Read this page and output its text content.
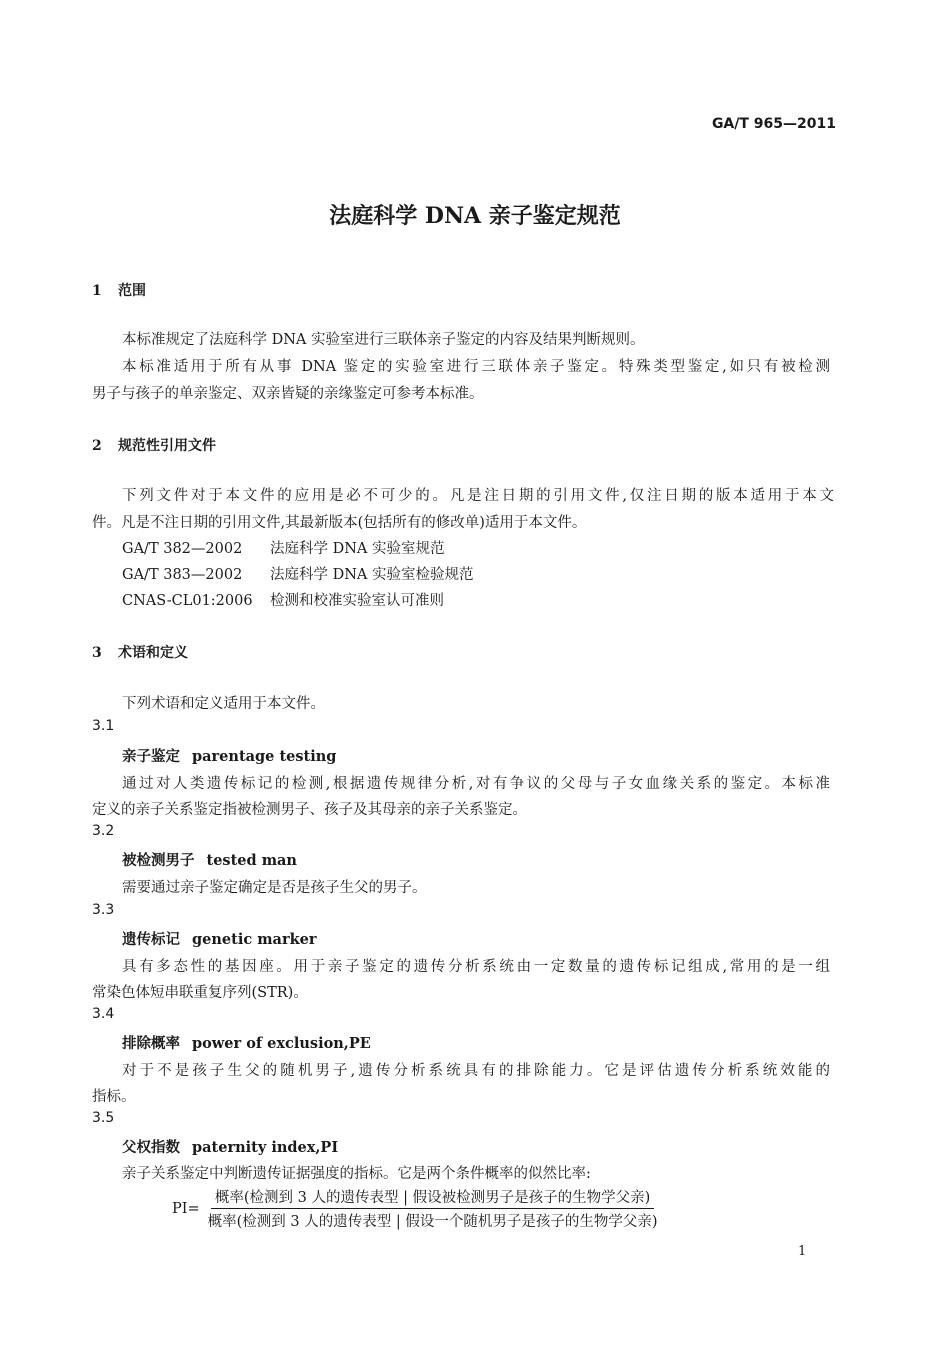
GA/T 965—2011
法庭科学 DNA 亲子鉴定规范
1 范围
本标准规定了法庭科学 DNA 实验室进行三联体亲子鉴定的内容及结果判断规则。
本标准适用于所有从事 DNA 鉴定的实验室进行三联体亲子鉴定。特殊类型鉴定,如只有被检测
男子与孩子的单亲鉴定、双亲皆疑的亲缘鉴定可参考本标准。
2 规范性引用文件
下列文件对于本文件的应用是必不可少的。凡是注日期的引用文件,仅注日期的版本适用于本文
件。凡是不注日期的引用文件,其最新版本(包括所有的修改单)适用于本文件。
GA/T 382—2002 法庭科学 DNA 实验室规范
GA/T 383—2002 法庭科学 DNA 实验室检验规范
CNAS-CL01:2006 检测和校准实验室认可准则
3 术语和定义
下列术语和定义适用于本文件。
3.1
亲子鉴定 parentage testing
通过对人类遗传标记的检测,根据遗传规律分析,对有争议的父母与子女血缘关系的鉴定。本标准
定义的亲子关系鉴定指被检测男子、孩子及其母亲的亲子关系鉴定。
3.2
被检测男子 tested man
需要通过亲子鉴定确定是否是孩子生父的男子。
3.3
遗传标记 genetic marker
具有多态性的基因座。用于亲子鉴定的遗传分析系统由一定数量的遗传标记组成,常用的是一组
常染色体短串联重复序列(STR)。
3.4
排除概率 power of exclusion,PE
对于不是孩子生父的随机男子,遗传分析系统具有的排除能力。它是评估遗传分析系统效能的
指标。
3.5
父权指数 paternity index,PI
亲子关系鉴定中判断遗传证据强度的指标。它是两个条件概率的似然比率:
$PI= \frac{\text{概率(检测到 3 人的遗传表型 | 假设被检测男子是孩子的生物学父亲)}}{\text{概率(检测到 3 人的遗传表型 | 假设一个随机男子是孩子的生物学父亲)}}$
1
